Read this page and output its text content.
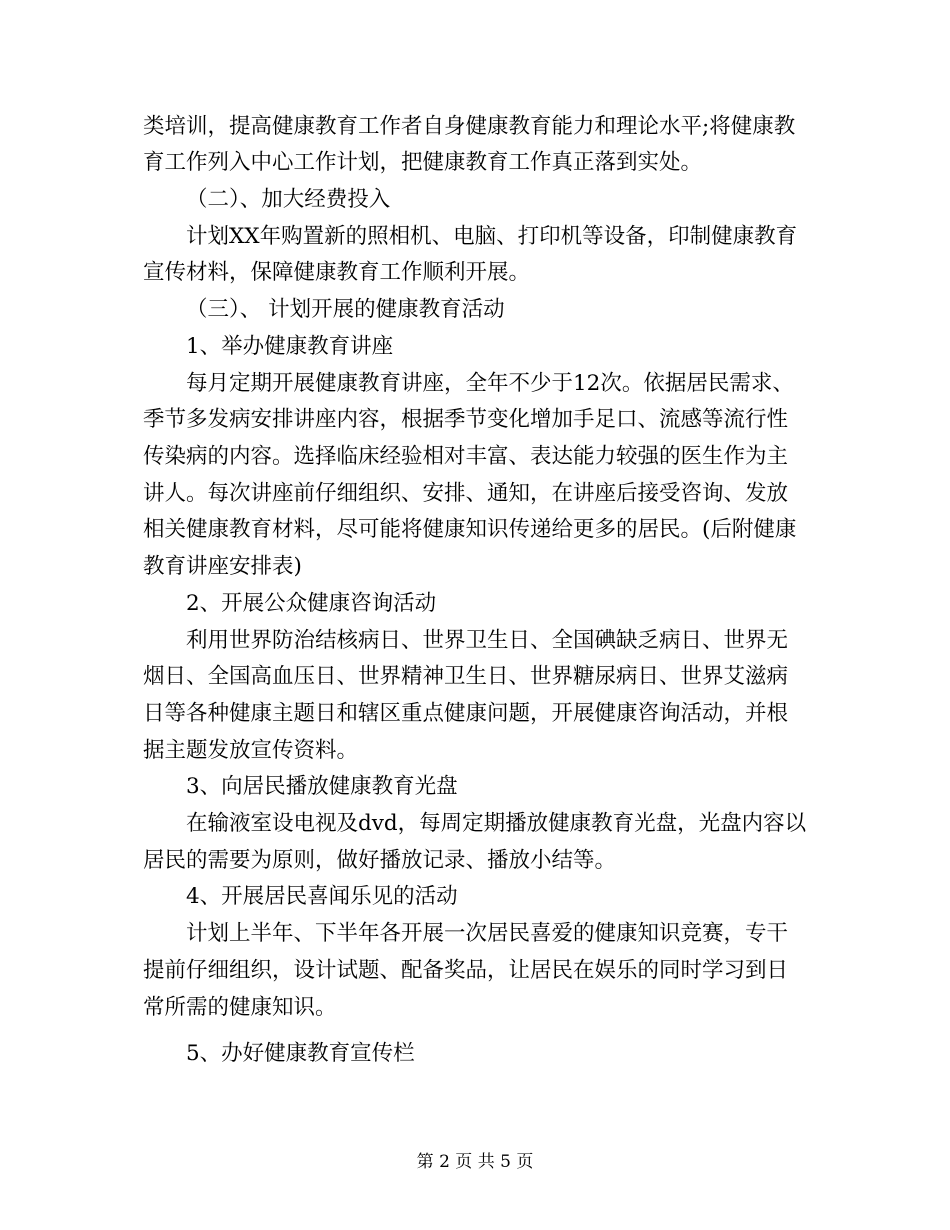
类培训，提高健康教育工作者自身健康教育能力和理论水平;将健康教
育工作列入中心工作计划，把健康教育工作真正落到实处。
（二）、加大经费投入
计划XX年购置新的照相机、电脑、打印机等设备，印制健康教育
宣传材料，保障健康教育工作顺利开展。
（三）、 计划开展的健康教育活动
1、举办健康教育讲座
每月定期开展健康教育讲座，全年不少于12次。依据居民需求、
季节多发病安排讲座内容，根据季节变化增加手足口、流感等流行性
传染病的内容。选择临床经验相对丰富、表达能力较强的医生作为主
讲人。每次讲座前仔细组织、安排、通知，在讲座后接受咨询、发放
相关健康教育材料，尽可能将健康知识传递给更多的居民。(后附健康
教育讲座安排表)
2、开展公众健康咨询活动
利用世界防治结核病日、世界卫生日、全国碘缺乏病日、世界无
烟日、全国高血压日、世界精神卫生日、世界糖尿病日、世界艾滋病
日等各种健康主题日和辖区重点健康问题，开展健康咨询活动，并根
据主题发放宣传资料。
3、向居民播放健康教育光盘
在输液室设电视及dvd，每周定期播放健康教育光盘，光盘内容以
居民的需要为原则，做好播放记录、播放小结等。
4、开展居民喜闻乐见的活动
计划上半年、下半年各开展一次居民喜爱的健康知识竞赛，专干
提前仔细组织，设计试题、配备奖品，让居民在娱乐的同时学习到日
常所需的健康知识。
5、办好健康教育宣传栏
第 2 页 共 5 页
